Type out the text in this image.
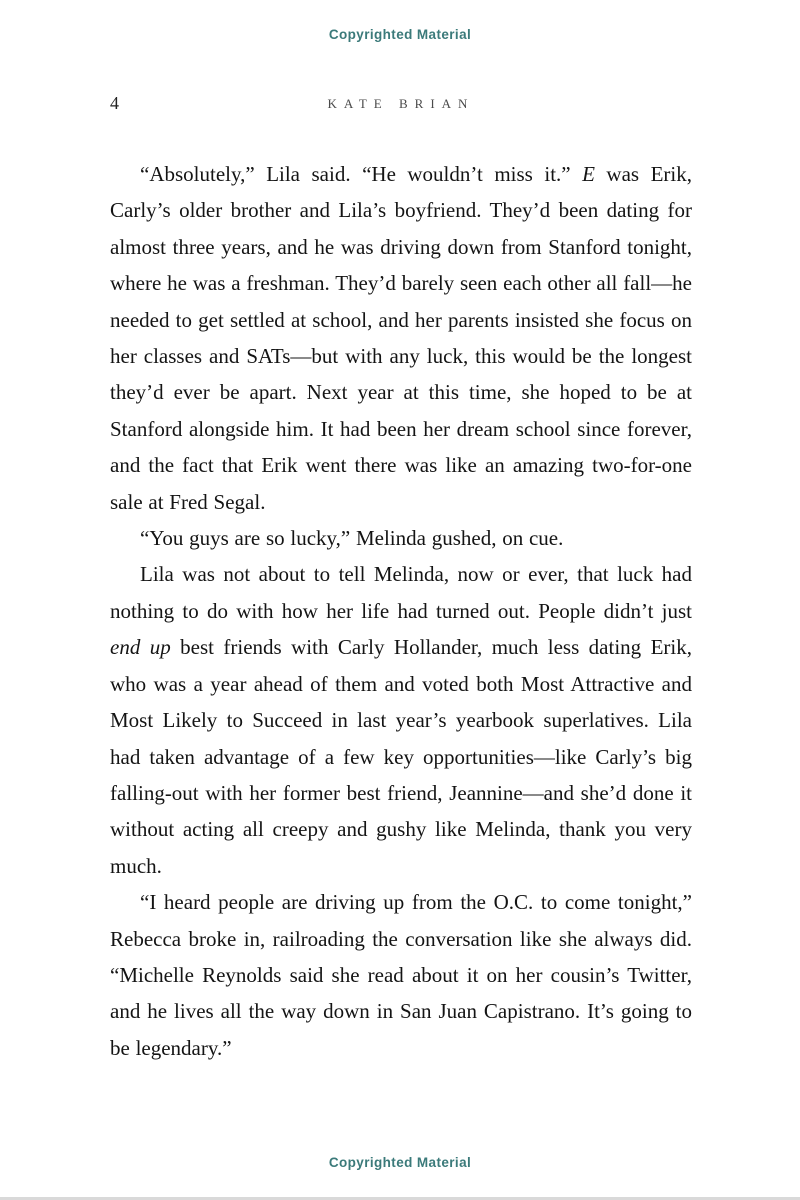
Copyrighted Material
4	KATE BRIAN

“Absolutely,” Lila said. “He wouldn’t miss it.” E was Erik, Carly’s older brother and Lila’s boyfriend. They’d been dating for almost three years, and he was driving down from Stanford tonight, where he was a freshman. They’d barely seen each other all fall—he needed to get settled at school, and her parents insisted she focus on her classes and SATs—but with any luck, this would be the longest they’d ever be apart. Next year at this time, she hoped to be at Stanford alongside him. It had been her dream school since forever, and the fact that Erik went there was like an amazing two-for-one sale at Fred Segal.

“You guys are so lucky,” Melinda gushed, on cue.

Lila was not about to tell Melinda, now or ever, that luck had nothing to do with how her life had turned out. People didn’t just end up best friends with Carly Hollander, much less dating Erik, who was a year ahead of them and voted both Most Attractive and Most Likely to Succeed in last year’s yearbook superlatives. Lila had taken advantage of a few key opportunities—like Carly’s big falling-out with her former best friend, Jeannine—and she’d done it without acting all creepy and gushy like Melinda, thank you very much.

“I heard people are driving up from the O.C. to come tonight,” Rebecca broke in, railroading the conversation like she always did. “Michelle Reynolds said she read about it on her cousin’s Twitter, and he lives all the way down in San Juan Capistrano. It’s going to be legendary.”

Copyrighted Material
